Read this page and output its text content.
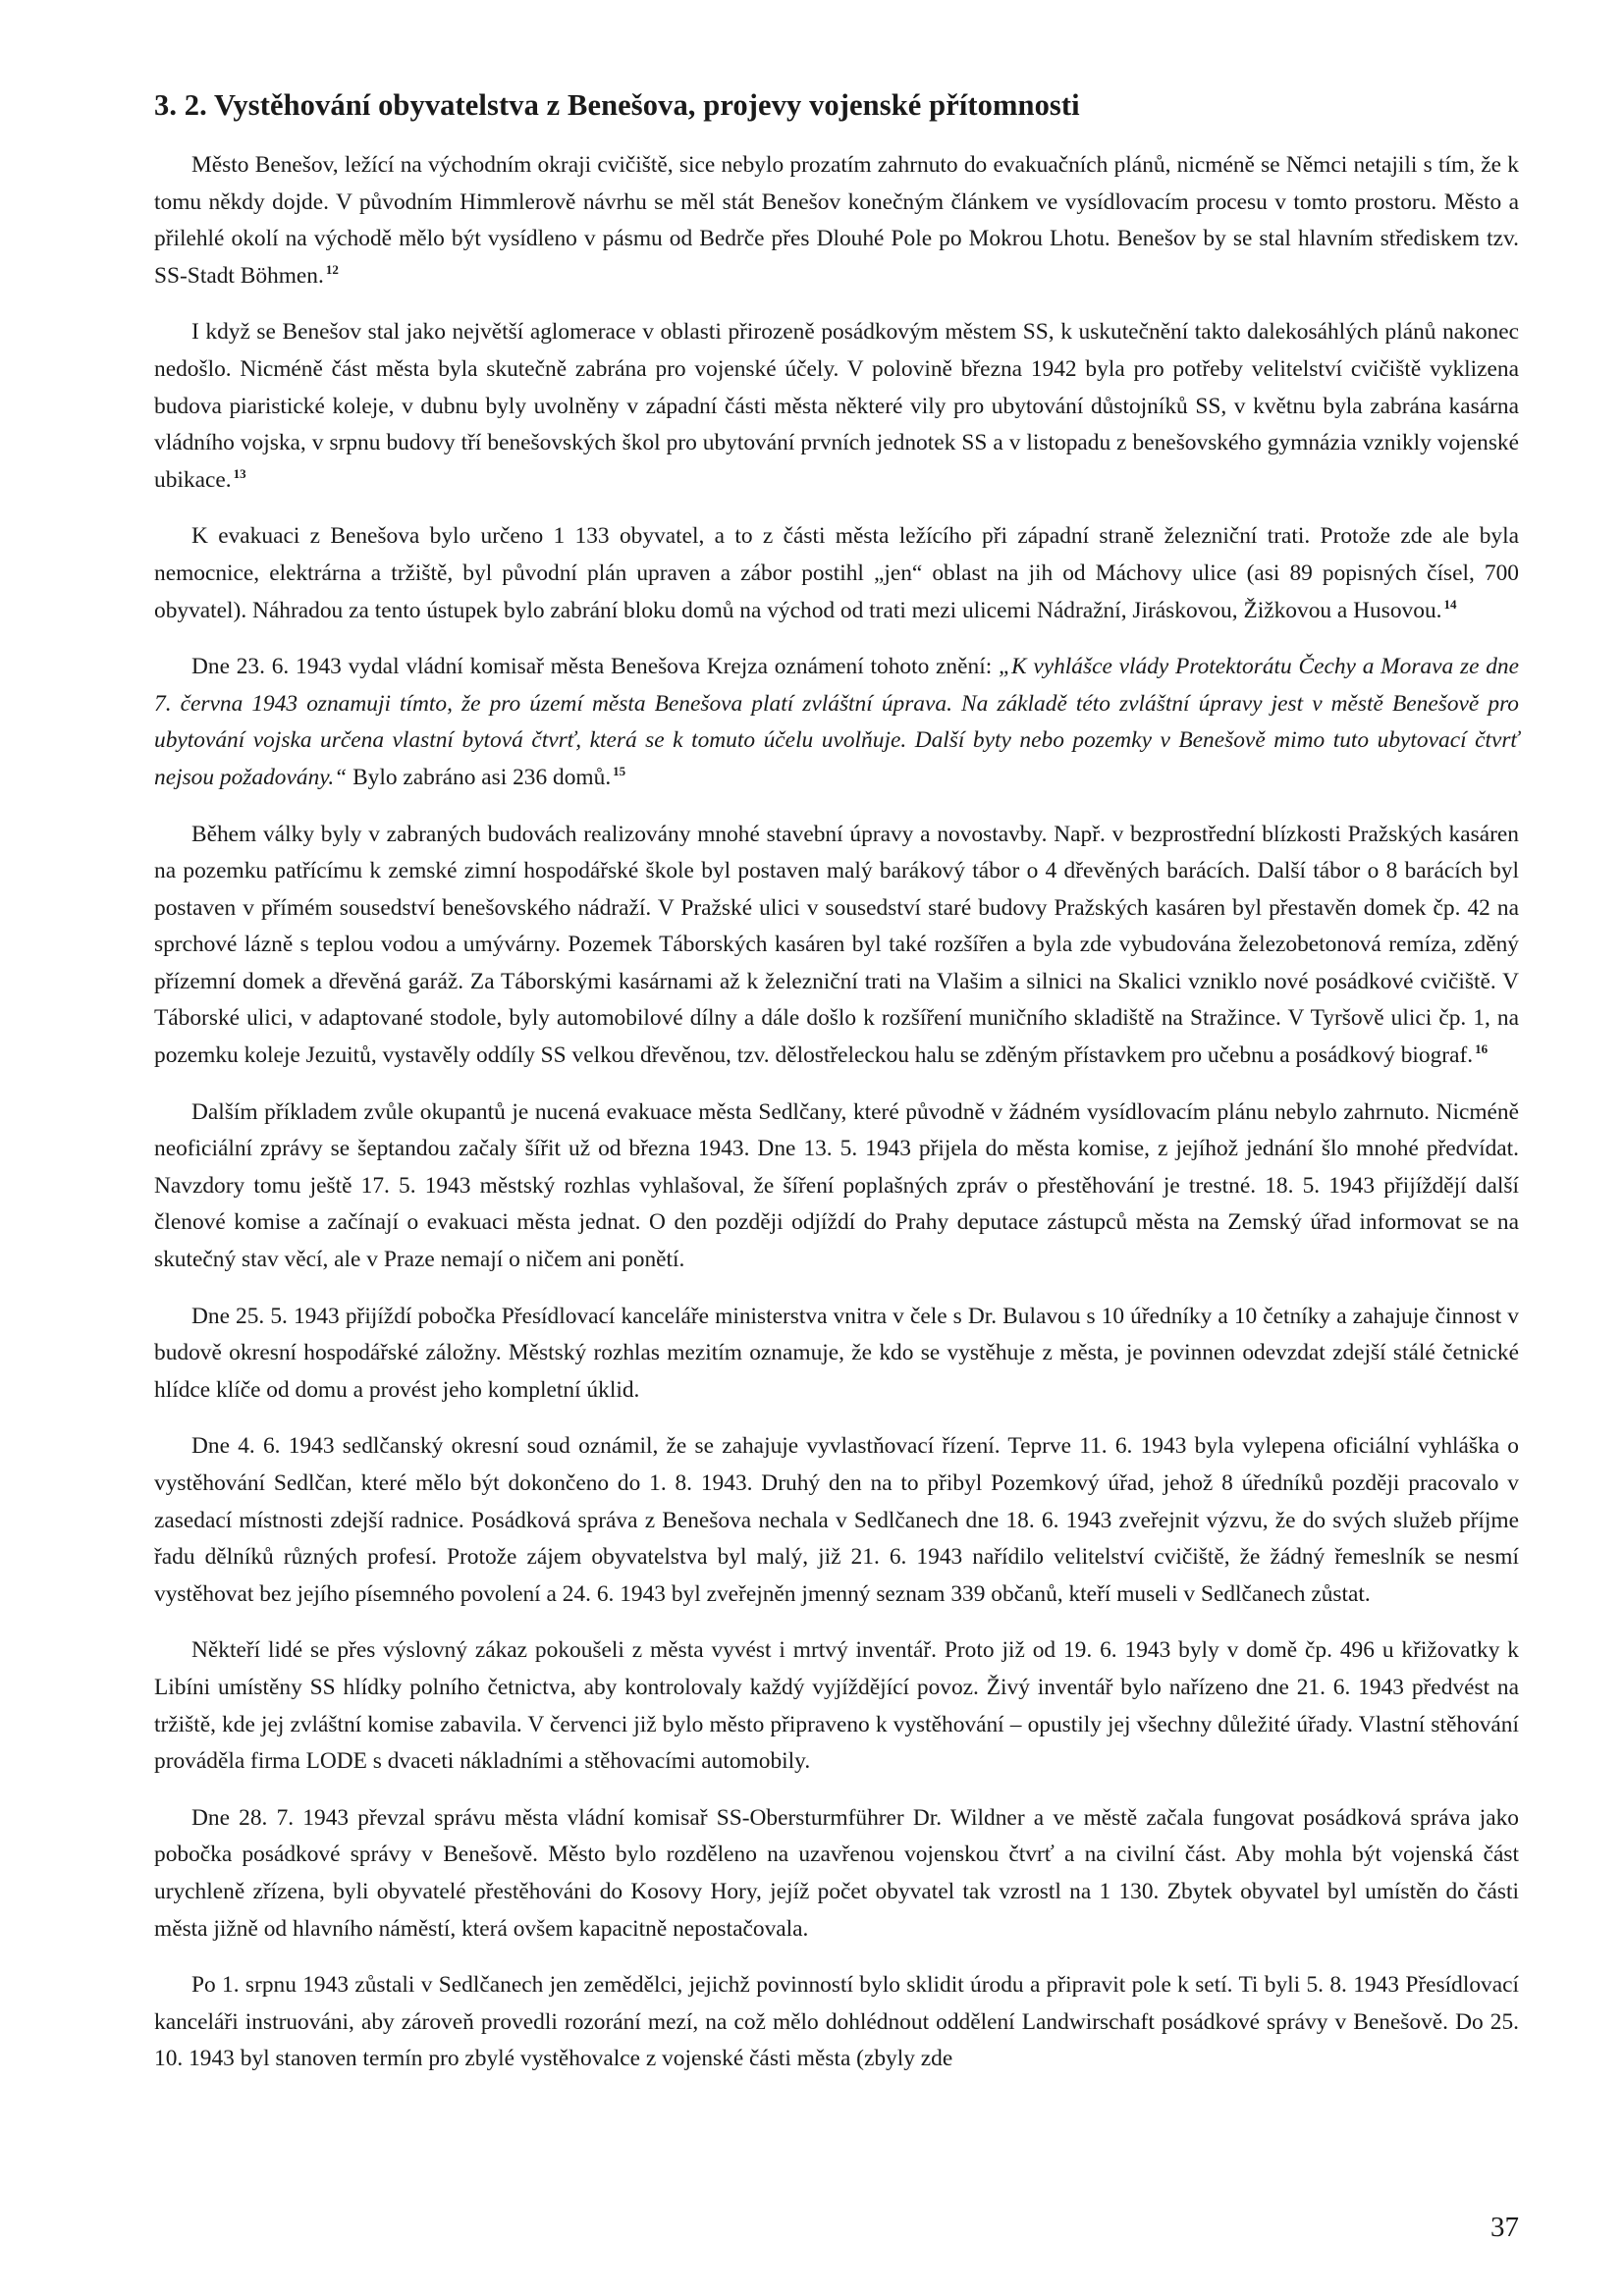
3. 2. Vystěhování obyvatelstva z Benešova, projevy vojenské přítomnosti

Město Benešov, ležící na východním okraji cvičiště, sice nebylo prozatím zahrnuto do evakuačních plánů, nicméně se Němci netajili s tím, že k tomu někdy dojde. V původním Himmlerově návrhu se měl stát Benešov konečným článkem ve vysídlovacím procesu v tomto prostoru. Město a přilehlé okolí na východě mělo být vysídleno v pásmu od Bedrče přes Dlouhé Pole po Mokrou Lhotu. Benešov by se stal hlavním střediskem tzv. SS-Stadt Böhmen. $^{12}$

I když se Benešov stal jako největší aglomerace v oblasti přirozeně posádkovým městem SS, k uskutečnění takto dalekosáhlých plánů nakonec nedošlo. Nicméně část města byla skutečně zabrána pro vojenské účely. V polovině března 1942 byla pro potřeby velitelství cvičiště vyklizena budova piaristické koleje, v dubnu byly uvolněny v západní části města některé vily pro ubytování důstojníků SS, v květnu byla zabrána kasárna vládního vojska, v srpnu budovy tří benešovských škol pro ubytování prvních jednotek SS a v listopadu z benešovského gymnázia vznikly vojenské ubikace. $^{13}$

K evakuaci z Benešova bylo určeno 1 133 obyvatel, a to z části města ležícího při západní straně železniční trati. Protože zde ale byla nemocnice, elektrárna a tržiště, byl původní plán upraven a zábor postihl „jen“ oblast na jih od Máchovy ulice (asi 89 popisných čísel, 700 obyvatel). Náhradou za tento ústupek bylo zabrání bloku domů na východ od trati mezi ulicemi Nádražní, Jiráskovou, Žižkovou a Husovou. $^{14}$

Dne 23. 6. 1943 vydal vládní komisař města Benešova Krejza oznámení tohoto znění: „K vyhlášce vlády Protektorátu Čechy a Morava ze dne 7. června 1943 oznamuji tímto, že pro území města Benešova platí zvláštní úprava. Na základě této zvláštní úpravy jest v městě Benešově pro ubytování vojska určena vlastní bytová čtvrť, která se k tomuto účelu uvolňuje. Další byty nebo pozemky v Benešově mimo tuto ubytovací čtvrť nejsou požadovány.“ Bylo zabráno asi 236 domů. $^{15}$

Během války byly v zabraných budovách realizovány mnohé stavební úpravy a novostavby. Např. v bezprostřední blízkosti Pražských kasáren na pozemku patřícímu k zemské zimní hospodářské škole byl postaven malý barákový tábor o 4 dřevěných barácích. Další tábor o 8 barácích byl postaven v přímém sousedství benešovského nádraží. V Pražské ulici v sousedství staré budovy Pražských kasáren byl přestavěn domek čp. 42 na sprchové lázně s teplou vodou a umývárny. Pozemek Táborských kasáren byl také rozšířen a byla zde vybudována železobetonová remíza, zděný přízemní domek a dřevěná garáž. Za Táborskými kasárnami až k železniční trati na Vlašim a silnici na Skalici vzniklo nové posádkové cvičiště. V Táborské ulici, v adaptované stodole, byly automobilové dílny a dále došlo k rozšíření muničního skladiště na Stražince. V Tyršově ulici čp. 1, na pozemku koleje Jezuitů, vystavěly oddíly SS velkou dřevěnou, tzv. dělostřeleckou halu se zděným přístavkem pro učebnu a posádkový biograf. $^{16}$

Dalším příkladem zvůle okupantů je nucená evakuace města Sedlčany, které původně v žádném vysídlovacím plánu nebylo zahrnuto. Nicméně neoficiální zprávy se šeptandou začaly šířit už od března 1943. Dne 13. 5. 1943 přijela do města komise, z jejíhož jednání šlo mnohé předvídat. Navzdory tomu ještě 17. 5. 1943 městský rozhlas vyhlašoval, že šíření poplašných zpráv o přestěhování je trestné. 18. 5. 1943 přijíždějí další členové komise a začínají o evakuaci města jednat. O den později odjíždí do Prahy deputace zástupců města na Zemský úřad informovat se na skutečný stav věcí, ale v Praze nemají o ničem ani ponětí.

Dne 25. 5. 1943 přijíždí pobočka Přesídlovací kanceláře ministerstva vnitra v čele s Dr. Bulavou s 10 úředníky a 10 četníky a zahajuje činnost v budově okresní hospodářské záložny. Městský rozhlas mezitím oznamuje, že kdo se vystěhuje z města, je povinnen odevzdat zdejší stálé četnické hlídce klíče od domu a provést jeho kompletní úklid.

Dne 4. 6. 1943 sedlčanský okresní soud oznámil, že se zahajuje vyvlastňovací řízení. Teprve 11. 6. 1943 byla vylepena oficiální vyhláška o vystěhování Sedlčan, které mělo být dokončeno do 1. 8. 1943. Druhý den na to přibyl Pozemkový úřad, jehož 8 úředníků později pracovalo v zasedací místnosti zdejší radnice. Posádková správa z Benešova nechala v Sedlčanech dne 18. 6. 1943 zveřejnit výzvu, že do svých služeb příjme řadu dělníků různých profesí. Protože zájem obyvatelstva byl malý, již 21. 6. 1943 nařídilo velitelství cvičiště, že žádný řemeslník se nesmí vystěhovat bez jejího písemného povolení a 24. 6. 1943 byl zveřejněn jmenný seznam 339 občanů, kteří museli v Sedlčanech zůstat.

Někteří lidé se přes výslovný zákaz pokoušeli z města vyvést i mrtvý inventář. Proto již od 19. 6. 1943 byly v domě čp. 496 u křižovatky k Libíni umístěny SS hlídky polního četnictva, aby kontrolovaly každý vyjíždějící povoz. Živý inventář bylo nařízeno dne 21. 6. 1943 předvést na tržiště, kde jej zvláštní komise zabavila. V červenci již bylo město připraveno k vystěhování – opustily jej všechny důležité úřady. Vlastní stěhování prováděla firma LODE s dvaceti nákladními a stěhovacími automobily.

Dne 28. 7. 1943 převzal správu města vládní komisař SS-Obersturmführer Dr. Wildner a ve městě začala fungovat posádková správa jako pobočka posádkové správy v Benešově. Město bylo rozděleno na uzavřenou vojenskou čtvrť a na civilní část. Aby mohla být vojenská část urychleně zřízena, byli obyvatelé přestěhováni do Kosovy Hory, jejíž počet obyvatel tak vzrostl na 1 130. Zbytek obyvatel byl umístěn do části města jižně od hlavního náměstí, která ovšem kapacitně nepostačovala.

Po 1. srpnu 1943 zůstali v Sedlčanech jen zemědělci, jejichž povinností bylo sklidit úrodu a připravit pole k setí. Ti byli 5. 8. 1943 Přesídlovací kanceláři instruováni, aby zároveň provedli rozorání mezí, na což mělo dohlédnout oddělení Landwirschaft posádkové správy v Benešově. Do 25. 10. 1943 byl stanoven termín pro zbylé vystěhovalce z vojenské části města (zbyly zde

37
